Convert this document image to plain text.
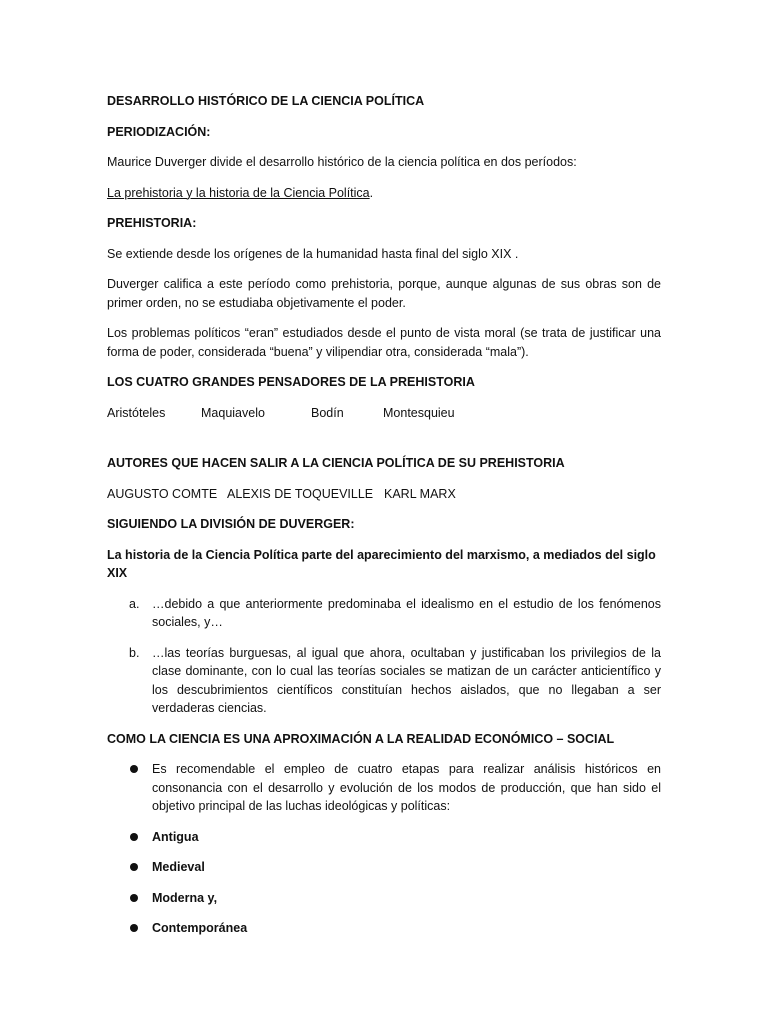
DESARROLLO HISTÓRICO DE LA CIENCIA POLÍTICA

PERIODIZACIÓN:

Maurice Duverger divide el desarrollo histórico de la ciencia política en dos períodos:

La prehistoria y la historia de la Ciencia Política.

PREHISTORIA:

Se extiende desde los orígenes de la humanidad hasta final del siglo XIX .

Duverger califica a este período como prehistoria, porque, aunque algunas de sus obras son de primer orden, no se estudiaba objetivamente el poder.

Los problemas políticos “eran” estudiados desde el punto de vista moral (se trata de justificar una forma de poder, considerada “buena” y vilipendiar otra, considerada “mala”).

LOS CUATRO GRANDES PENSADORES DE LA PREHISTORIA

Aristóteles	Maquiavelo	Bodín	Montesquieu

AUTORES QUE HACEN SALIR A LA CIENCIA POLÍTICA DE SU PREHISTORIA

AUGUSTO COMTE ALEXIS DE TOQUEVILLE KARL MARX

SIGUIENDO LA DIVISIÓN DE DUVERGER:

La historia de la Ciencia Política parte del aparecimiento del marxismo, a mediados del siglo XIX

a. …debido a que anteriormente predominaba el idealismo en el estudio de los fenómenos sociales, y…
b. …las teorías burguesas, al igual que ahora, ocultaban y justificaban los privilegios de la clase dominante, con lo cual las teorías sociales se matizan de un carácter anticientífico y los descubrimientos científicos constituían hechos aislados, que no llegaban a ser verdaderas ciencias.

COMO LA CIENCIA ES UNA APROXIMACIÓN A LA REALIDAD ECONÓMICO – SOCIAL

Es recomendable el empleo de cuatro etapas para realizar análisis históricos en consonancia con el desarrollo y evolución de los modos de producción, que han sido el objetivo principal de las luchas ideológicas y políticas:
Antigua
Medieval
Moderna y,
Contemporánea
